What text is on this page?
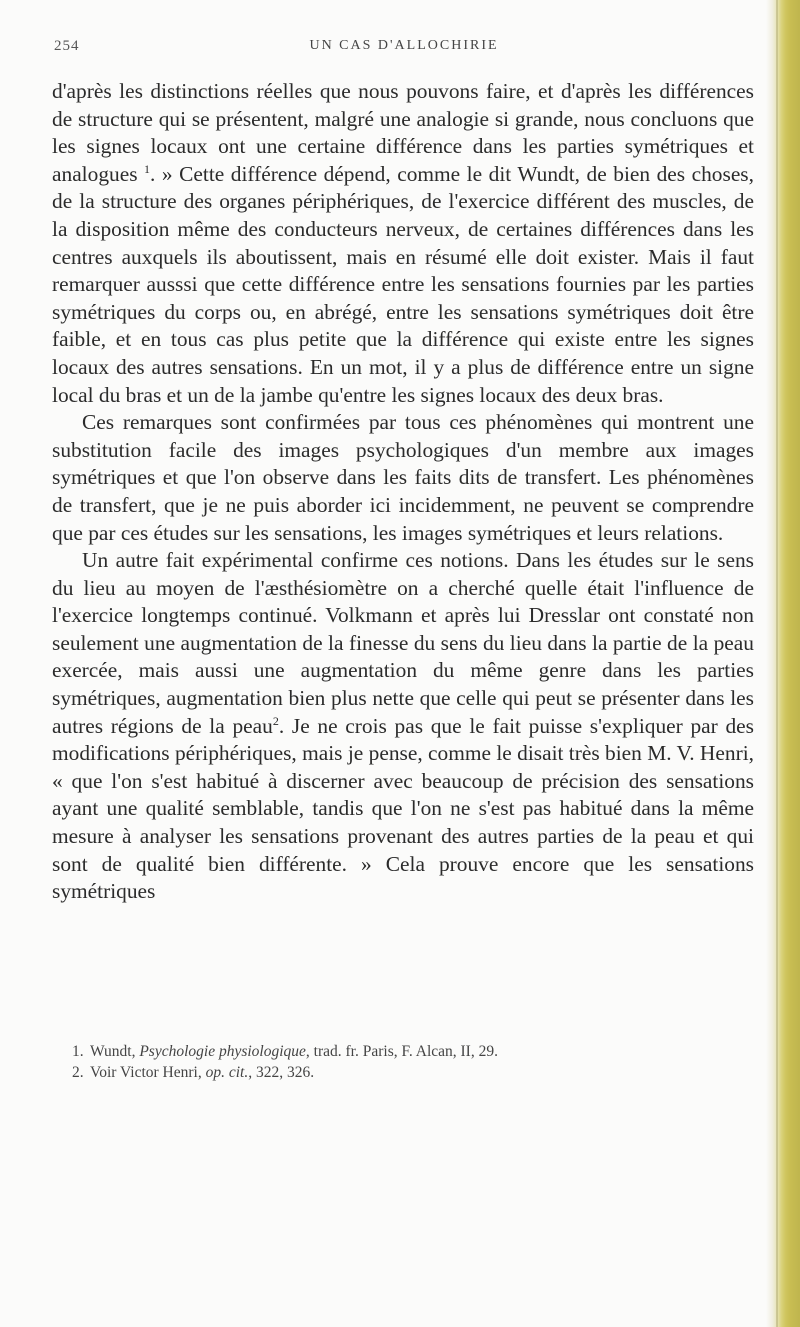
254	UN CAS D'ALLOCHIRIE

d'après les distinctions réelles que nous pouvons faire, et d'après les différences de structure qui se présentent, malgré une analogie si grande, nous concluons que les signes locaux ont une certaine différence dans les parties symétriques et analogues $^1$. » Cette différence dépend, comme le dit Wundt, de bien des choses, de la structure des organes périphériques, de l'exercice différent des muscles, de la disposition même des conducteurs nerveux, de certaines différences dans les centres auxquels ils aboutissent, mais en résumé elle doit exister. Mais il faut remarquer ausssi que cette différence entre les sensations fournies par les parties symétriques du corps ou, en abrégé, entre les sensations symétriques doit être faible, et en tous cas plus petite que la différence qui existe entre les signes locaux des autres sensations. En un mot, il y a plus de différence entre un signe local du bras et un de la jambe qu'entre les signes locaux des deux bras.

Ces remarques sont confirmées par tous ces phénomènes qui montrent une substitution facile des images psychologiques d'un membre aux images symétriques et que l'on observe dans les faits dits de transfert. Les phénomènes de transfert, que je ne puis aborder ici incidemment, ne peuvent se comprendre que par ces études sur les sensations, les images symétriques et leurs relations.

Un autre fait expérimental confirme ces notions. Dans les études sur le sens du lieu au moyen de l'æsthésiomètre on a cherché quelle était l'influence de l'exercice longtemps continué. Volkmann et après lui Dresslar ont constaté non seulement une augmentation de la finesse du sens du lieu dans la partie de la peau exercée, mais aussi une augmentation du même genre dans les parties symétriques, augmentation bien plus nette que celle qui peut se présenter dans les autres régions de la peau$^2$. Je ne crois pas que le fait puisse s'expliquer par des modifications périphériques, mais je pense, comme le disait très bien M. V. Henri, « que l'on s'est habitué à discerner avec beaucoup de précision des sensations ayant une qualité semblable, tandis que l'on ne s'est pas habitué dans la même mesure à analyser les sensations provenant des autres parties de la peau et qui sont de qualité bien différente. » Cela prouve encore que les sensations symétriques

1. Wundt, Psychologie physiologique, trad. fr. Paris, F. Alcan, II, 29.

2. Voir Victor Henri, op. cit., 322, 326.
